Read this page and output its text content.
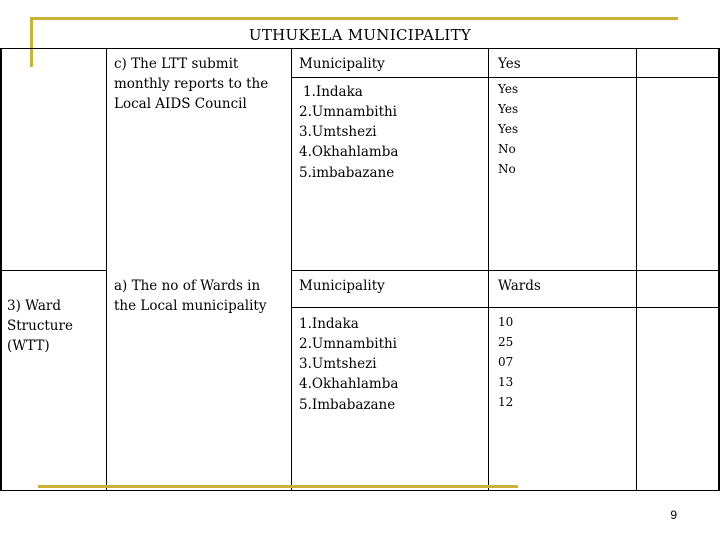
UTHUKELA MUNICIPALITY
c) The LTT submit
monthly reports to the
Local AIDS Council
Municipality	Yes
1.Indaka
2.Umnambithi
3.Umtshezi
4.Okhahlamba
5.imbabazane
Yes
Yes
Yes
No
No
3) Ward
Structure
(WTT)
a) The no of Wards in
the Local municipality
Municipality	Wards
1.Indaka
2.Umnambithi
3.Umtshezi
4.Okhahlamba
5.Imbabazane
10
25
07
13
12
9
